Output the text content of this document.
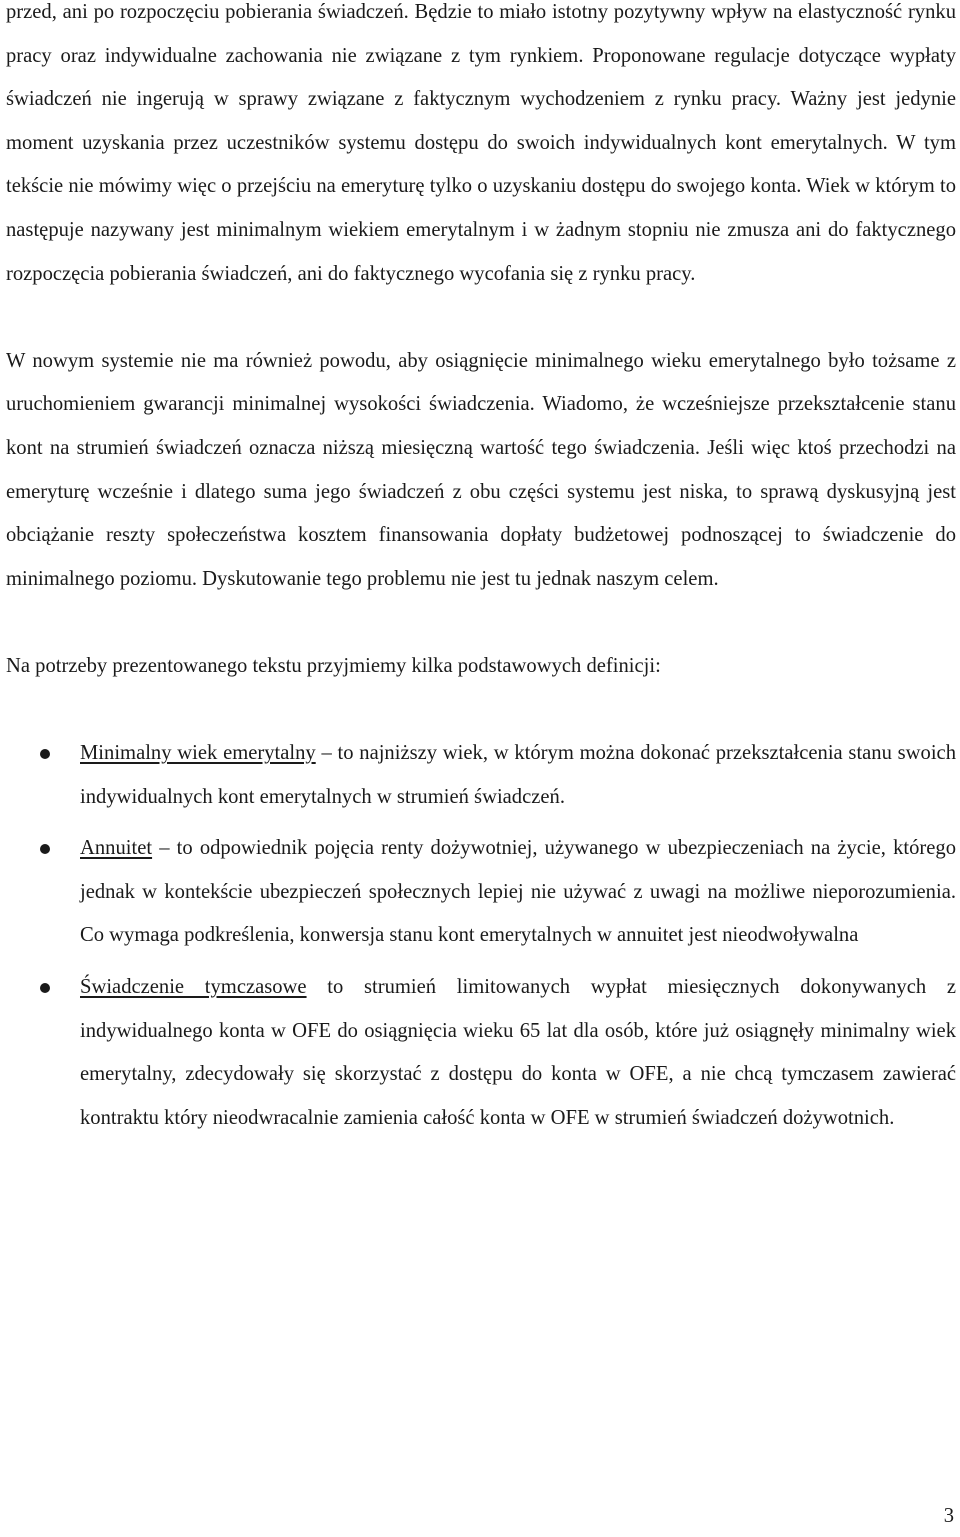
przed, ani po rozpoczęciu pobierania świadczeń. Będzie to miało istotny pozytywny wpływ na elastyczność rynku pracy oraz indywidualne zachowania nie związane z tym rynkiem. Proponowane regulacje dotyczące wypłaty świadczeń nie ingerują w sprawy związane z faktycznym wychodzeniem z rynku pracy. Ważny jest jedynie moment uzyskania przez uczestników systemu dostępu do swoich indywidualnych kont emerytalnych. W tym tekście nie mówimy więc o przejściu na emeryturę tylko o uzyskaniu dostępu do swojego konta. Wiek w którym to następuje nazywany jest minimalnym wiekiem emerytalnym i w żadnym stopniu nie zmusza ani do faktycznego rozpoczęcia pobierania świadczeń, ani do faktycznego wycofania się z rynku pracy.

W nowym systemie nie ma również powodu, aby osiągnięcie minimalnego wieku emerytalnego było tożsame z uruchomieniem gwarancji minimalnej wysokości świadczenia. Wiadomo, że wcześniejsze przekształcenie stanu kont na strumień świadczeń oznacza niższą miesięczną wartość tego świadczenia. Jeśli więc ktoś przechodzi na emeryturę wcześnie i dlatego suma jego świadczeń z obu części systemu jest niska, to sprawą dyskusyjną jest obciążanie reszty społeczeństwa kosztem finansowania dopłaty budżetowej podnoszącej to świadczenie do minimalnego poziomu. Dyskutowanie tego problemu nie jest tu jednak naszym celem.

Na potrzeby prezentowanego tekstu przyjmiemy kilka podstawowych definicji:

Minimalny wiek emerytalny – to najniższy wiek, w którym można dokonać przekształcenia stanu swoich indywidualnych kont emerytalnych w strumień świadczeń.
Annuitet – to odpowiednik pojęcia renty dożywotniej, używanego w ubezpieczeniach na życie, którego jednak w kontekście ubezpieczeń społecznych lepiej nie używać z uwagi na możliwe nieporozumienia. Co wymaga podkreślenia, konwersja stanu kont emerytalnych w annuitet jest nieodwoływalna
Świadczenie tymczasowe to strumień limitowanych wypłat miesięcznych dokonywanych z indywidualnego konta w OFE do osiągnięcia wieku 65 lat dla osób, które już osiągnęły minimalny wiek emerytalny, zdecydowały się skorzystać z dostępu do konta w OFE, a nie chcą tymczasem zawierać kontraktu który nieodwracalnie zamienia całość konta w OFE w strumień świadczeń dożywotnich.
3
